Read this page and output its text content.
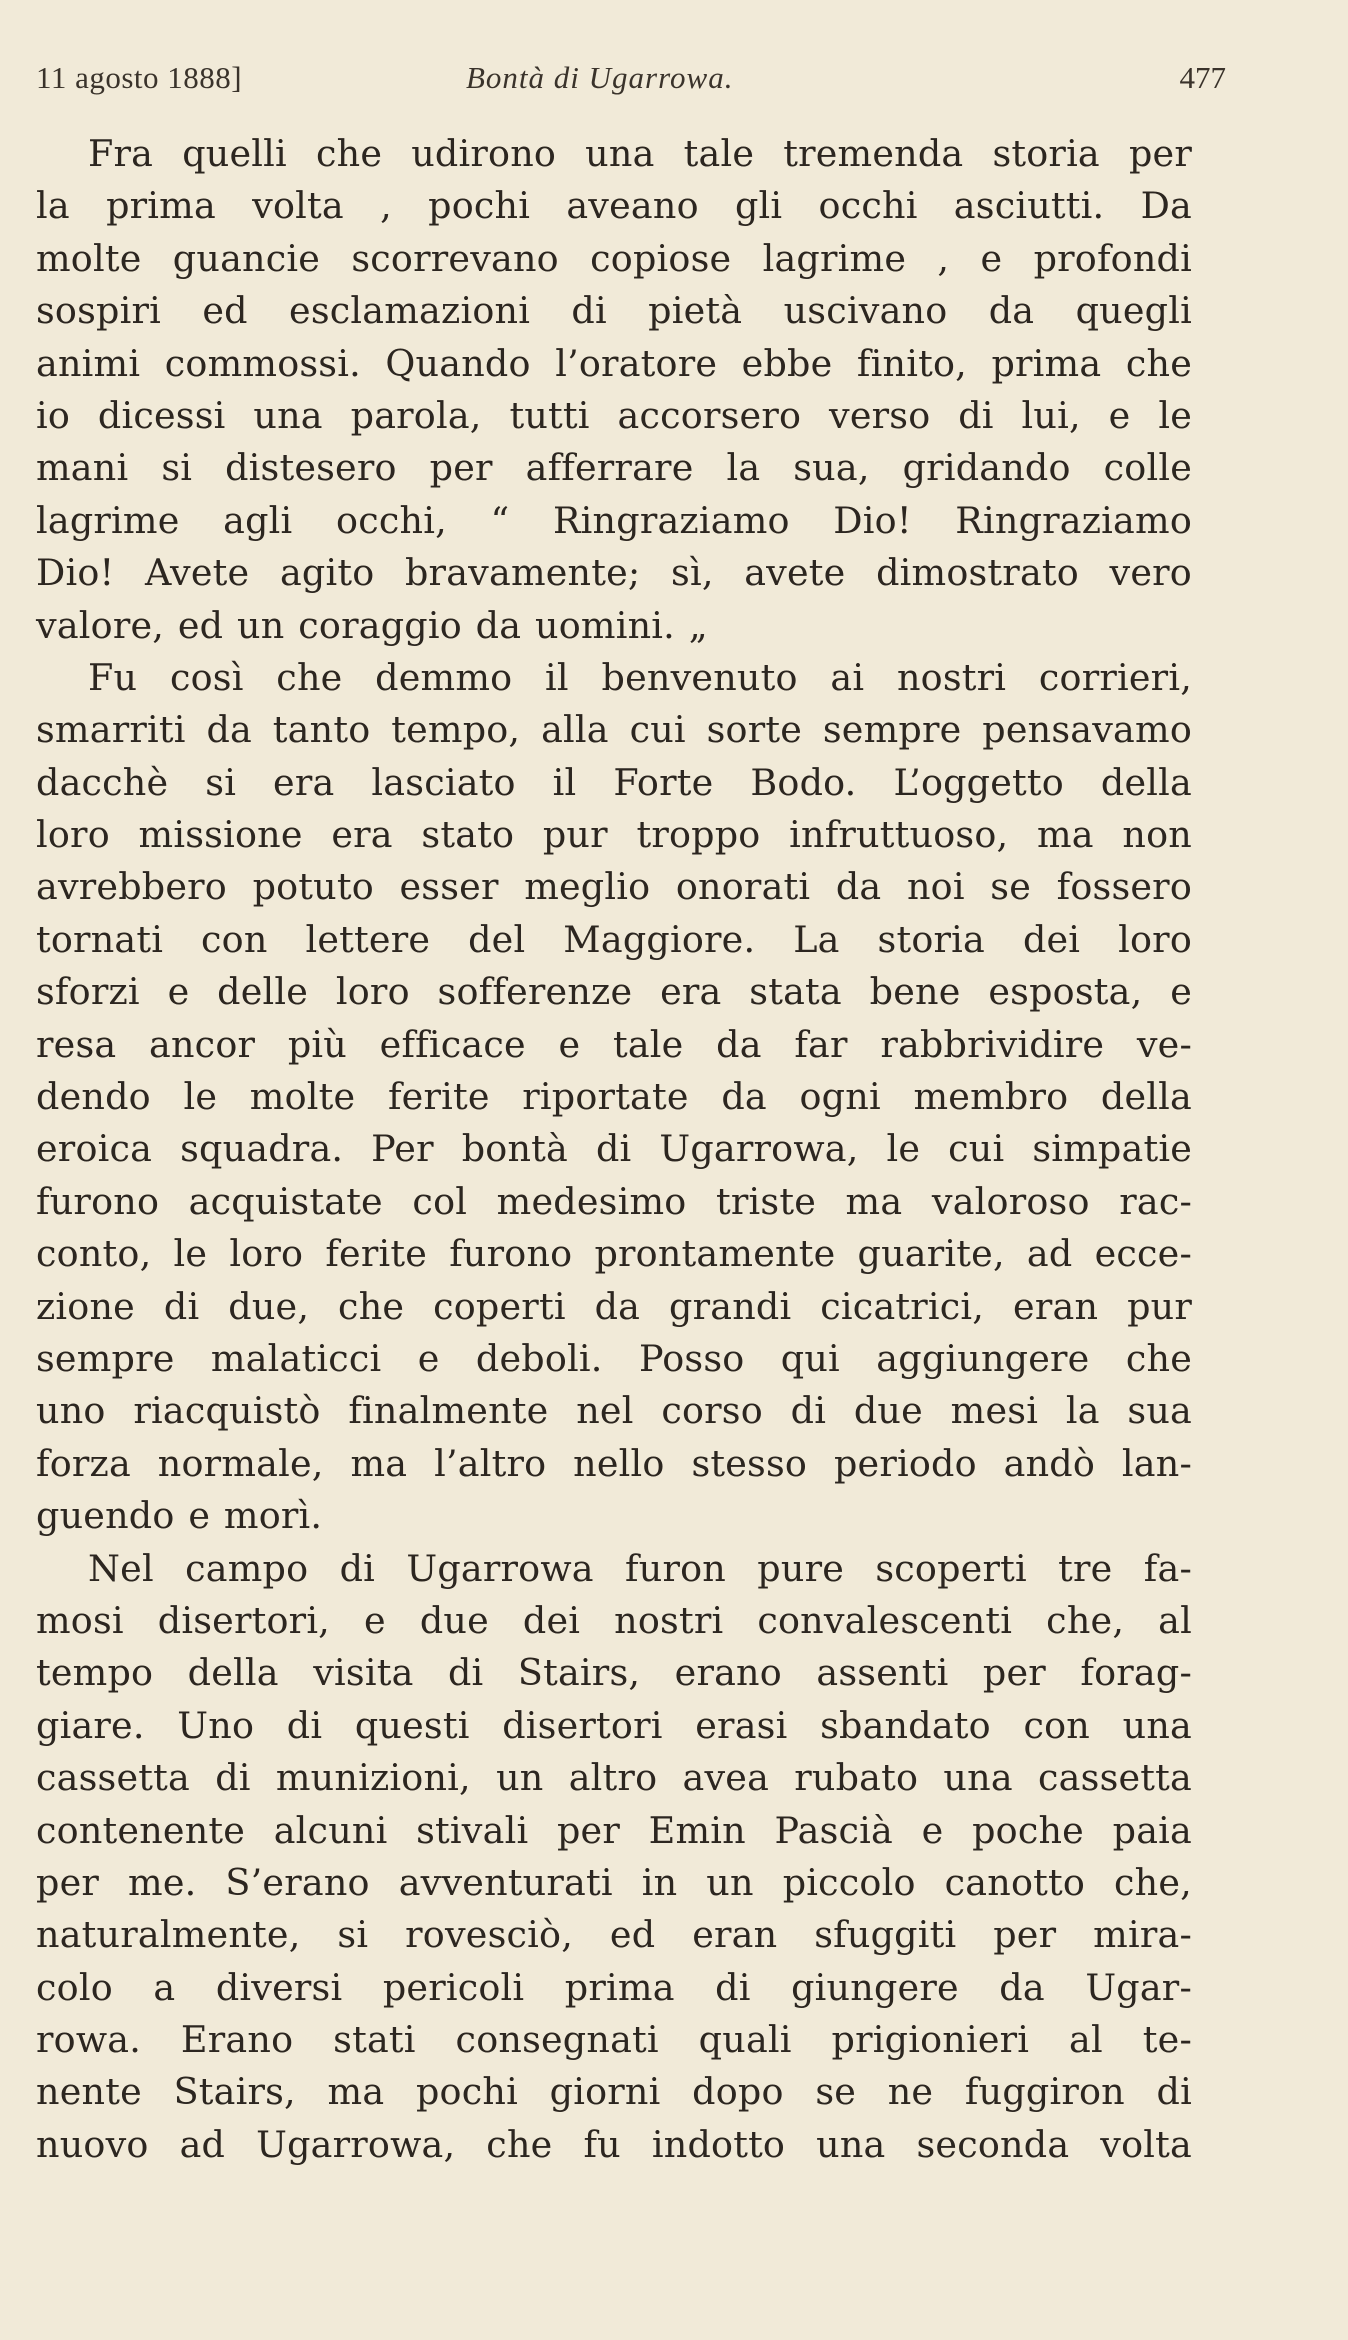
11 agosto 1888]	Bontà di Ugarrowa.	477
Fra quelli che udirono una tale tremenda storia per
la prima volta , pochi aveano gli occhi asciutti. Da
molte guancie scorrevano copiose lagrime , e profondi
sospiri ed esclamazioni di pietà uscivano da quegli
animi commossi. Quando l’oratore ebbe finito, prima che
io dicessi una parola, tutti accorsero verso di lui, e le
mani si distesero per afferrare la sua, gridando colle
lagrime agli occhi, “ Ringraziamo Dio! Ringraziamo
Dio! Avete agito bravamente; sì, avete dimostrato vero
valore, ed un coraggio da uomini. „
Fu così che demmo il benvenuto ai nostri corrieri,
smarriti da tanto tempo, alla cui sorte sempre pensavamo
dacchè si era lasciato il Forte Bodo. L’oggetto della
loro missione era stato pur troppo infruttuoso, ma non
avrebbero potuto esser meglio onorati da noi se fossero
tornati con lettere del Maggiore. La storia dei loro
sforzi e delle loro sofferenze era stata bene esposta, e
resa ancor più efficace e tale da far rabbrividire ve-
dendo le molte ferite riportate da ogni membro della
eroica squadra. Per bontà di Ugarrowa, le cui simpatie
furono acquistate col medesimo triste ma valoroso rac-
conto, le loro ferite furono prontamente guarite, ad ecce-
zione di due, che coperti da grandi cicatrici, eran pur
sempre malaticci e deboli. Posso qui aggiungere che
uno riacquistò finalmente nel corso di due mesi la sua
forza normale, ma l’altro nello stesso periodo andò lan-
guendo e morì.
Nel campo di Ugarrowa furon pure scoperti tre fa-
mosi disertori, e due dei nostri convalescenti che, al
tempo della visita di Stairs, erano assenti per forag-
giare. Uno di questi disertori erasi sbandato con una
cassetta di munizioni, un altro avea rubato una cassetta
contenente alcuni stivali per Emin Pascià e poche paia
per me. S’erano avventurati in un piccolo canotto che,
naturalmente, si rovesciò, ed eran sfuggiti per mira-
colo a diversi pericoli prima di giungere da Ugar-
rowa. Erano stati consegnati quali prigionieri al te-
nente Stairs, ma pochi giorni dopo se ne fuggiron di
nuovo ad Ugarrowa, che fu indotto una seconda volta
